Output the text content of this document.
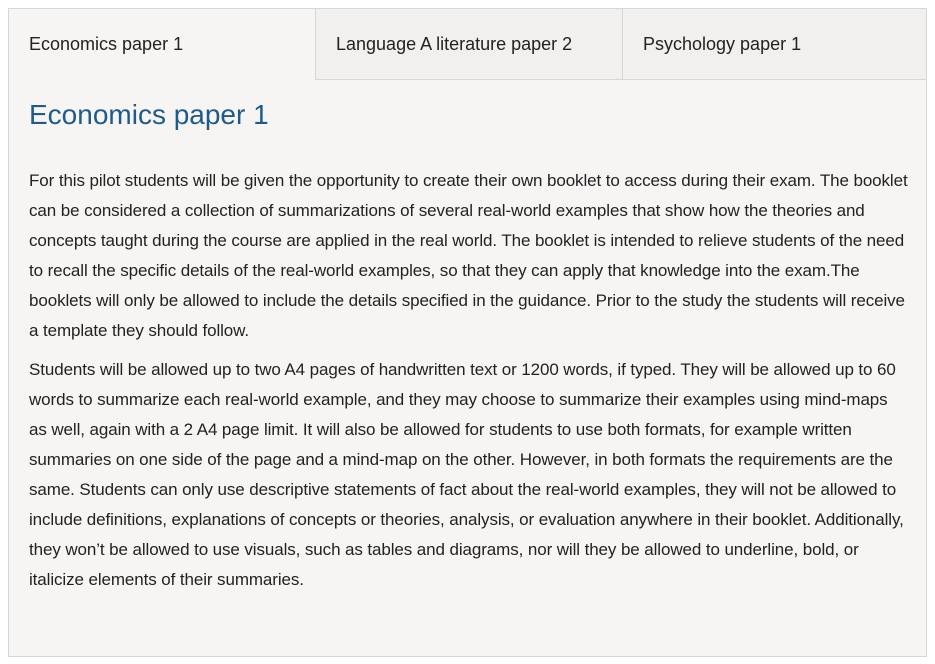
Economics paper 1	Language A literature paper 2	Psychology paper 1
Economics paper 1

For this pilot students will be given the opportunity to create their own booklet to access during their exam. The booklet can be considered a collection of summarizations of several real-world examples that show how the theories and concepts taught during the course are applied in the real world. The booklet is intended to relieve students of the need to recall the specific details of the real-world examples, so that they can apply that knowledge into the exam.The booklets will only be allowed to include the details specified in the guidance. Prior to the study the students will receive a template they should follow.

Students will be allowed up to two A4 pages of handwritten text or 1200 words, if typed. They will be allowed up to 60 words to summarize each real-world example, and they may choose to summarize their examples using mind-maps as well, again with a 2 A4 page limit. It will also be allowed for students to use both formats, for example written summaries on one side of the page and a mind-map on the other. However, in both formats the requirements are the same. Students can only use descriptive statements of fact about the real-world examples, they will not be allowed to include definitions, explanations of concepts or theories, analysis, or evaluation anywhere in their booklet. Additionally, they won’t be allowed to use visuals, such as tables and diagrams, nor will they be allowed to underline, bold, or italicize elements of their summaries.
